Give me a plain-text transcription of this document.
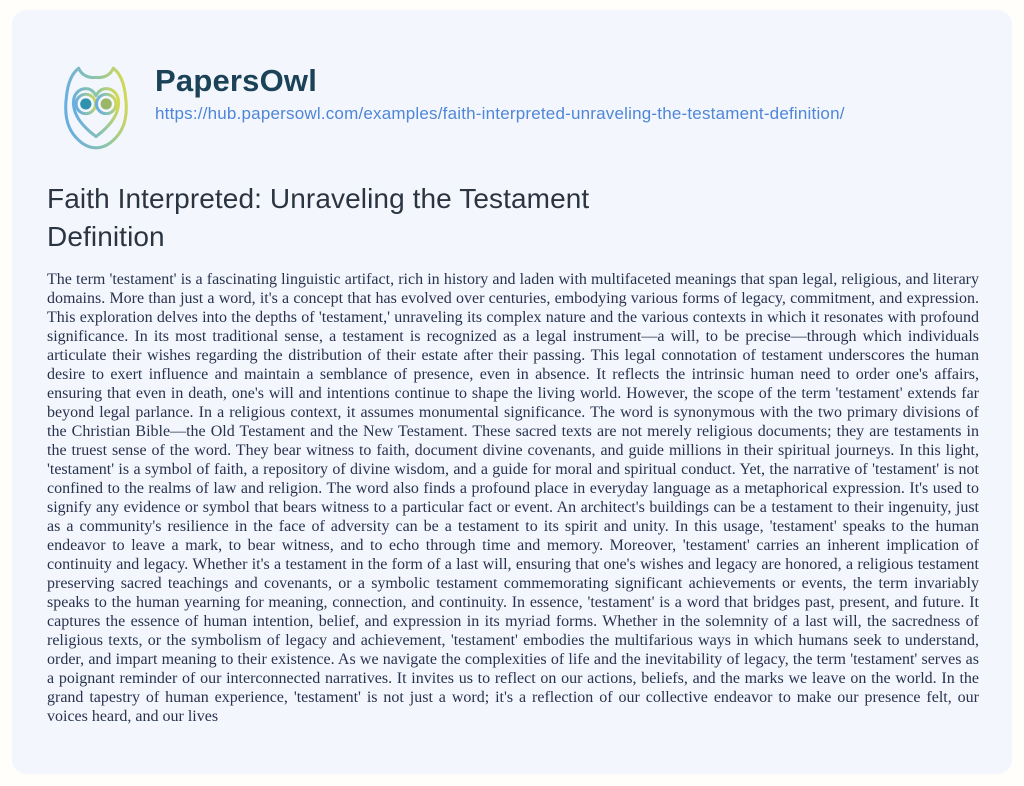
PapersOwl
https://hub.papersowl.com/examples/faith-interpreted-unraveling-the-testament-definition/
Faith Interpreted: Unraveling the Testament Definition

The term 'testament' is a fascinating linguistic artifact, rich in history and laden with multifaceted meanings that span legal, religious, and literary domains. More than just a word, it's a concept that has evolved over centuries, embodying various forms of legacy, commitment, and expression. This exploration delves into the depths of 'testament,' unraveling its complex nature and the various contexts in which it resonates with profound significance. In its most traditional sense, a testament is recognized as a legal instrument—a will, to be precise—through which individuals articulate their wishes regarding the distribution of their estate after their passing. This legal connotation of testament underscores the human desire to exert influence and maintain a semblance of presence, even in absence. It reflects the intrinsic human need to order one's affairs, ensuring that even in death, one's will and intentions continue to shape the living world. However, the scope of the term 'testament' extends far beyond legal parlance. In a religious context, it assumes monumental significance. The word is synonymous with the two primary divisions of the Christian Bible—the Old Testament and the New Testament. These sacred texts are not merely religious documents; they are testaments in the truest sense of the word. They bear witness to faith, document divine covenants, and guide millions in their spiritual journeys. In this light, 'testament' is a symbol of faith, a repository of divine wisdom, and a guide for moral and spiritual conduct. Yet, the narrative of 'testament' is not confined to the realms of law and religion. The word also finds a profound place in everyday language as a metaphorical expression. It's used to signify any evidence or symbol that bears witness to a particular fact or event. An architect's buildings can be a testament to their ingenuity, just as a community's resilience in the face of adversity can be a testament to its spirit and unity. In this usage, 'testament' speaks to the human endeavor to leave a mark, to bear witness, and to echo through time and memory. Moreover, 'testament' carries an inherent implication of continuity and legacy. Whether it's a testament in the form of a last will, ensuring that one's wishes and legacy are honored, a religious testament preserving sacred teachings and covenants, or a symbolic testament commemorating significant achievements or events, the term invariably speaks to the human yearning for meaning, connection, and continuity. In essence, 'testament' is a word that bridges past, present, and future. It captures the essence of human intention, belief, and expression in its myriad forms. Whether in the solemnity of a last will, the sacredness of religious texts, or the symbolism of legacy and achievement, 'testament' embodies the multifarious ways in which humans seek to understand, order, and impart meaning to their existence. As we navigate the complexities of life and the inevitability of legacy, the term 'testament' serves as a poignant reminder of our interconnected narratives. It invites us to reflect on our actions, beliefs, and the marks we leave on the world. In the grand tapestry of human experience, 'testament' is not just a word; it's a reflection of our collective endeavor to make our presence felt, our voices heard, and our lives
